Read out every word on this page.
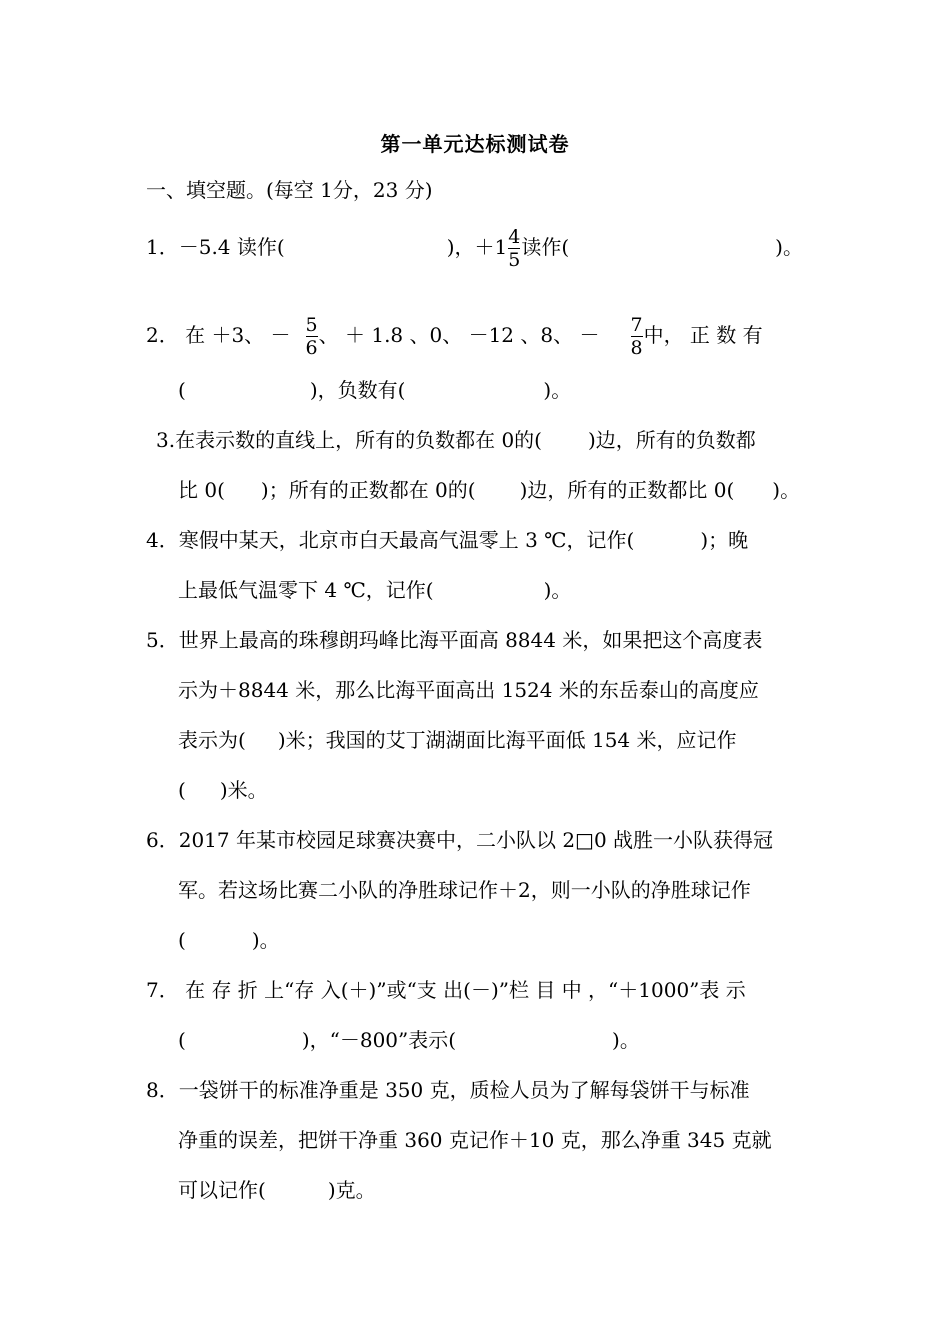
第一单元达标测试卷
一、填空题。(每空 1分，23 分)
1．－5.4 读作(	)，$+1 \frac{4}{5}$ 读作(	)。
2． 在 ＋3、 － $\frac{5}{6}$ 、 ＋ 1.8 、0、 －12 、8、 － $\frac{7}{8}$ 中， 正 数 有
(	)，负数有(	)。
3.在表示数的直线上，所有的负数都在 0的( )边，所有的负数都
比 0( )；所有的正数都在 0的( )边，所有的正数都比 0( )。
4．寒假中某天，北京市白天最高气温零上 3 ℃，记作(	)；晚
上最低气温零下 4 ℃，记作(	)。
5．世界上最高的珠穆朗玛峰比海平面高 8844 米，如果把这个高度表
示为＋8844 米，那么比海平面高出 1524 米的东岳泰山的高度应
表示为( )米；我国的艾丁湖湖面比海平面低 154 米，应记作
( )米。
6．2017 年某市校园足球赛决赛中，二小队以 2□0 战胜一小队获得冠
军。若这场比赛二小队的净胜球记作＋2，则一小队的净胜球记作
(	)。
7． 在 存 折 上“存 入(＋)”或“支 出(－)”栏 目 中 ，“＋1000”表 示
(	)，“－800”表示(	)。
8．一袋饼干的标准净重是 350 克，质检人员为了解每袋饼干与标准
净重的误差，把饼干净重 360 克记作＋10 克，那么净重 345 克就
可以记作(	)克。
